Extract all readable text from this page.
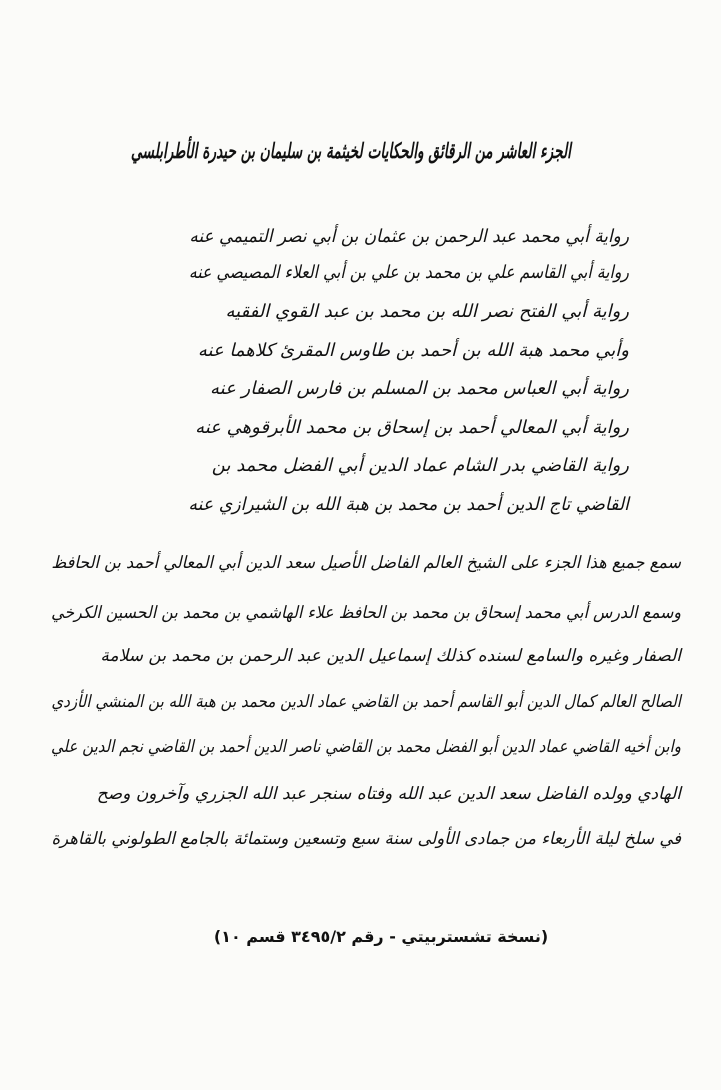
الجزء العاشر من الرقائق والحكايات لخيثمة بن سليمان بن حيدرة الأطرابلسي
رواية أبي محمد عبد الرحمن بن عثمان بن أبي نصر التميمي عنه
رواية أبي القاسم علي بن محمد بن علي بن أبي العلاء المصيصي عنه
رواية أبي الفتح نصر الله بن محمد بن عبد القوي الفقيه
وأبي محمد هبة الله بن أحمد بن طاوس المقرئ كلاهما عنه
رواية أبي العباس محمد بن المسلم بن فارس الصفار عنه
رواية أبي المعالي أحمد بن إسحاق بن محمد الأبرقوهي عنه
رواية القاضي بدر الشام عماد الدين أبي الفضل محمد بن
القاضي تاج الدين أحمد بن محمد بن هبة الله بن الشيرازي عنه
سمع جميع هذا الجزء على الشيخ العالم الفاضل الأصيل سعد الدين أبي المعالي أحمد بن الحافظ
وسمع الدرس أبي محمد إسحاق بن محمد بن الحافظ علاء الهاشمي بن محمد بن الحسين الكرخي
الصفار وغيره والسامع لسنده كذلك إسماعيل الدين عبد الرحمن بن محمد بن سلامة
الصالح العالم كمال الدين أبو القاسم أحمد بن القاضي عماد الدين محمد بن هبة الله بن المنشي الأزدي
وابن أخيه القاضي عماد الدين أبو الفضل محمد بن القاضي ناصر الدين أحمد بن القاضي نجم الدين علي
الهادي وولده الفاضل سعد الدين عبد الله وفتاه سنجر عبد الله الجزري وآخرون وصح
في سلخ ليلة الأربعاء من جمادى الأولى سنة سبع وتسعين وستمائة بالجامع الطولوني بالقاهرة
(نسخة تشستربيتي - رقم ٣٤٩٥/٢ قسم ١٠)
